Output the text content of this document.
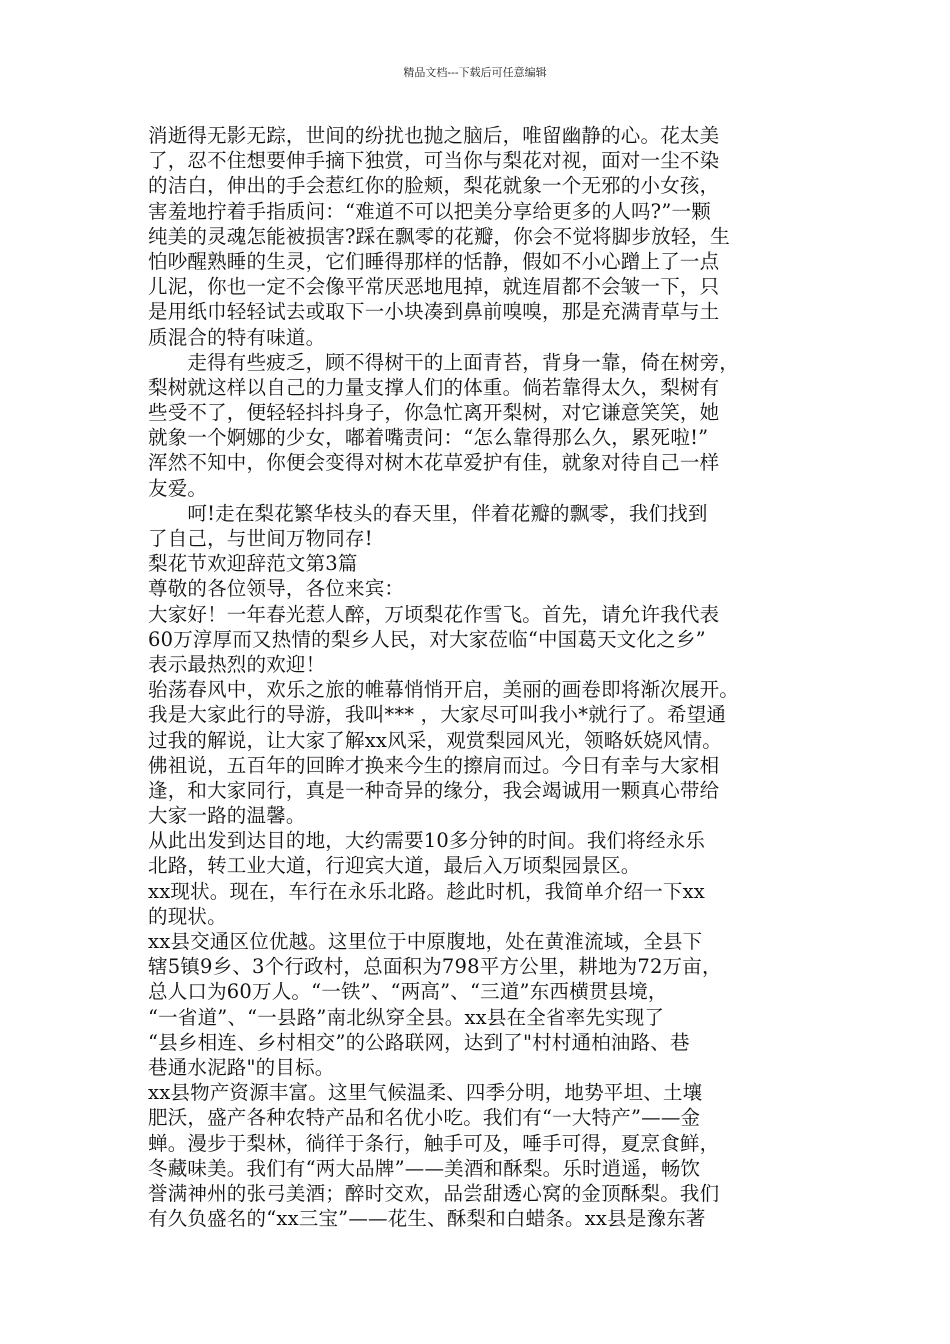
精品文档---下载后可任意编辑
消逝得无影无踪，世间的纷扰也抛之脑后，唯留幽静的心。花太美
了，忍不住想要伸手摘下独赏，可当你与梨花对视，面对一尘不染
的洁白，伸出的手会惹红你的脸颊，梨花就象一个无邪的小女孩，
害羞地拧着手指质问：“难道不可以把美分享给更多的人吗?”一颗
纯美的灵魂怎能被损害?踩在飘零的花瓣，你会不觉将脚步放轻，生
怕吵醒熟睡的生灵，它们睡得那样的恬静，假如不小心蹭上了一点
儿泥，你也一定不会像平常厌恶地甩掉，就连眉都不会皱一下，只
是用纸巾轻轻试去或取下一小块凑到鼻前嗅嗅，那是充满青草与土
质混合的特有味道。
　　走得有些疲乏，顾不得树干的上面青苔，背身一靠，倚在树旁，
梨树就这样以自己的力量支撑人们的体重。倘若靠得太久，梨树有
些受不了，便轻轻抖抖身子，你急忙离开梨树，对它谦意笑笑，她
就象一个婀娜的少女，嘟着嘴责问：“怎么靠得那么久，累死啦!”
浑然不知中，你便会变得对树木花草爱护有佳，就象对待自己一样
友爱。
　　呵!走在梨花繁华枝头的春天里，伴着花瓣的飘零，我们找到
了自己，与世间万物同存!
梨花节欢迎辞范文第3篇
尊敬的各位领导，各位来宾：
大家好！一年春光惹人醉，万顷梨花作雪飞。首先，请允许我代表
60万淳厚而又热情的梨乡人民，对大家莅临“中国葛天文化之乡”
表示最热烈的欢迎！
骀荡春风中，欢乐之旅的帷幕悄悄开启，美丽的画卷即将渐次展开。
我是大家此行的导游，我叫*** ，大家尽可叫我小*就行了。希望通
过我的解说，让大家了解xx风采，观赏梨园风光，领略妖娆风情。
佛祖说，五百年的回眸才换来今生的擦肩而过。今日有幸与大家相
逢，和大家同行，真是一种奇异的缘分，我会竭诚用一颗真心带给
大家一路的温馨。
从此出发到达目的地，大约需要10多分钟的时间。我们将经永乐
北路，转工业大道，行迎宾大道，最后入万顷梨园景区。
xx现状。现在，车行在永乐北路。趁此时机，我简单介绍一下xx
的现状。
xx县交通区位优越。这里位于中原腹地，处在黄淮流域，全县下
辖5镇9乡、3个行政村，总面积为798平方公里，耕地为72万亩，
总人口为60万人。“一铁”、“两高”、“三道”东西横贯县境，
“一省道”、“一县路”南北纵穿全县。xx县在全省率先实现了
“县乡相连、乡村相交”的公路联网，达到了"村村通柏油路、巷
巷通水泥路"的目标。
xx县物产资源丰富。这里气候温柔、四季分明，地势平坦、土壤
肥沃，盛产各种农特产品和名优小吃。我们有“一大特产”——金
蝉。漫步于梨林，徜徉于条行，触手可及，唾手可得，夏烹食鲜，
冬藏味美。我们有“两大品牌”——美酒和酥梨。乐时逍遥，畅饮
誉满神州的张弓美酒；醉时交欢，品尝甜透心窝的金顶酥梨。我们
有久负盛名的“xx三宝”——花生、酥梨和白蜡条。xx县是豫东著
